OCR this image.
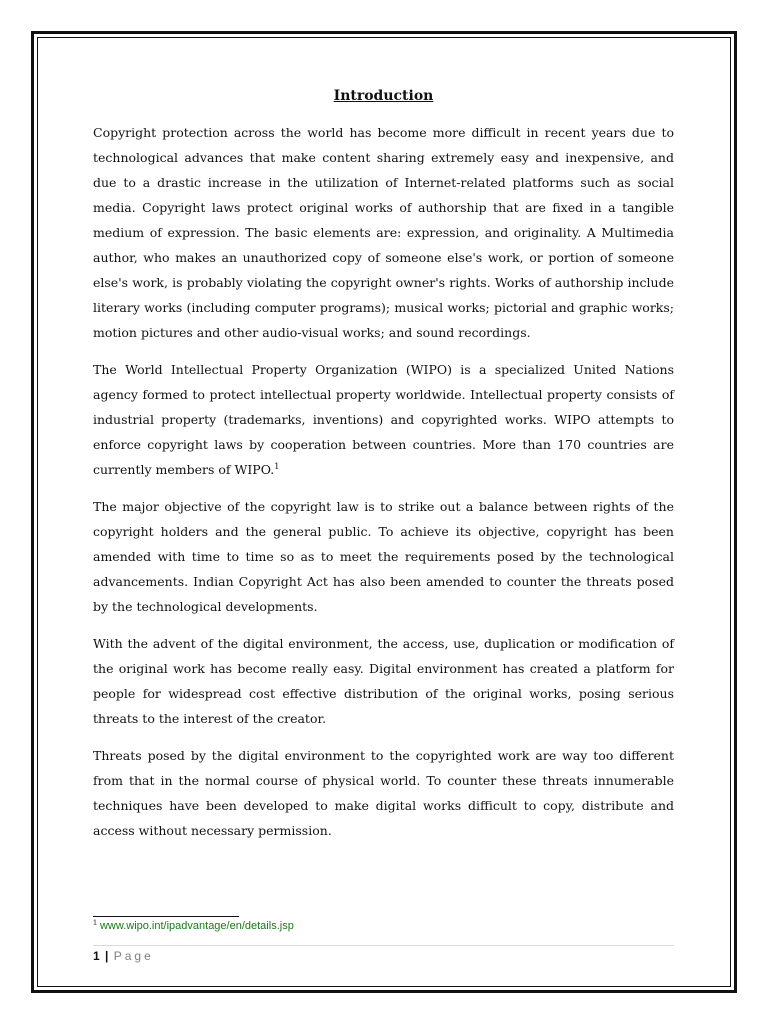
Introduction

Copyright protection across the world has become more difficult in recent years due to technological advances that make content sharing extremely easy and inexpensive, and due to a drastic increase in the utilization of Internet-related platforms such as social media. Copyright laws protect original works of authorship that are fixed in a tangible medium of expression. The basic elements are: expression, and originality. A Multimedia author, who makes an unauthorized copy of someone else's work, or portion of someone else's work, is probably violating the copyright owner's rights. Works of authorship include literary works (including computer programs); musical works; pictorial and graphic works; motion pictures and other audio-visual works; and sound recordings.

The World Intellectual Property Organization (WIPO) is a specialized United Nations agency formed to protect intellectual property worldwide. Intellectual property consists of industrial property (trademarks, inventions) and copyrighted works. WIPO attempts to enforce copyright laws by cooperation between countries. More than 170 countries are currently members of WIPO.$^1$

The major objective of the copyright law is to strike out a balance between rights of the copyright holders and the general public. To achieve its objective, copyright has been amended with time to time so as to meet the requirements posed by the technological advancements. Indian Copyright Act has also been amended to counter the threats posed by the technological developments.

With the advent of the digital environment, the access, use, duplication or modification of the original work has become really easy. Digital environment has created a platform for people for widespread cost effective distribution of the original works, posing serious threats to the interest of the creator.

Threats posed by the digital environment to the copyrighted work are way too different from that in the normal course of physical world. To counter these threats innumerable techniques have been developed to make digital works difficult to copy, distribute and access without necessary permission.

$^1$ www.wipo.int/ipadvantage/en/details.jsp
1 | Page
